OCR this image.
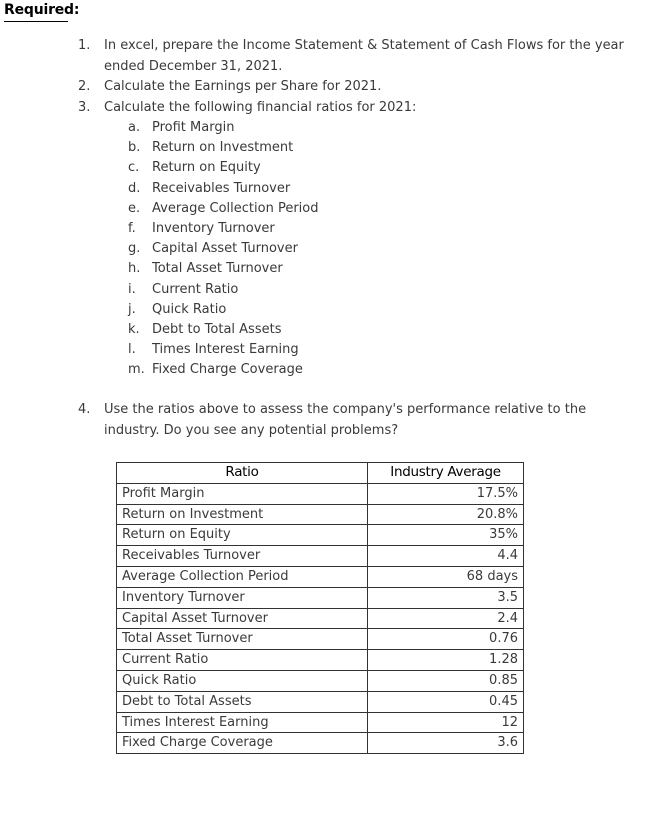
Required:
1. In excel, prepare the Income Statement & Statement of Cash Flows for the year ended December 31, 2021.
2. Calculate the Earnings per Share for 2021.
3. Calculate the following financial ratios for 2021:
a. Profit Margin
b. Return on Investment
c. Return on Equity
d. Receivables Turnover
e. Average Collection Period
f. Inventory Turnover
g. Capital Asset Turnover
h. Total Asset Turnover
i. Current Ratio
j. Quick Ratio
k. Debt to Total Assets
l. Times Interest Earning
m. Fixed Charge Coverage
4. Use the ratios above to assess the company's performance relative to the industry. Do you see any potential problems?
Ratio	Industry Average
Profit Margin	17.5%
Return on Investment	20.8%
Return on Equity	35%
Receivables Turnover	4.4
Average Collection Period	68 days
Inventory Turnover	3.5
Capital Asset Turnover	2.4
Total Asset Turnover	0.76
Current Ratio	1.28
Quick Ratio	0.85
Debt to Total Assets	0.45
Times Interest Earning	12
Fixed Charge Coverage	3.6
